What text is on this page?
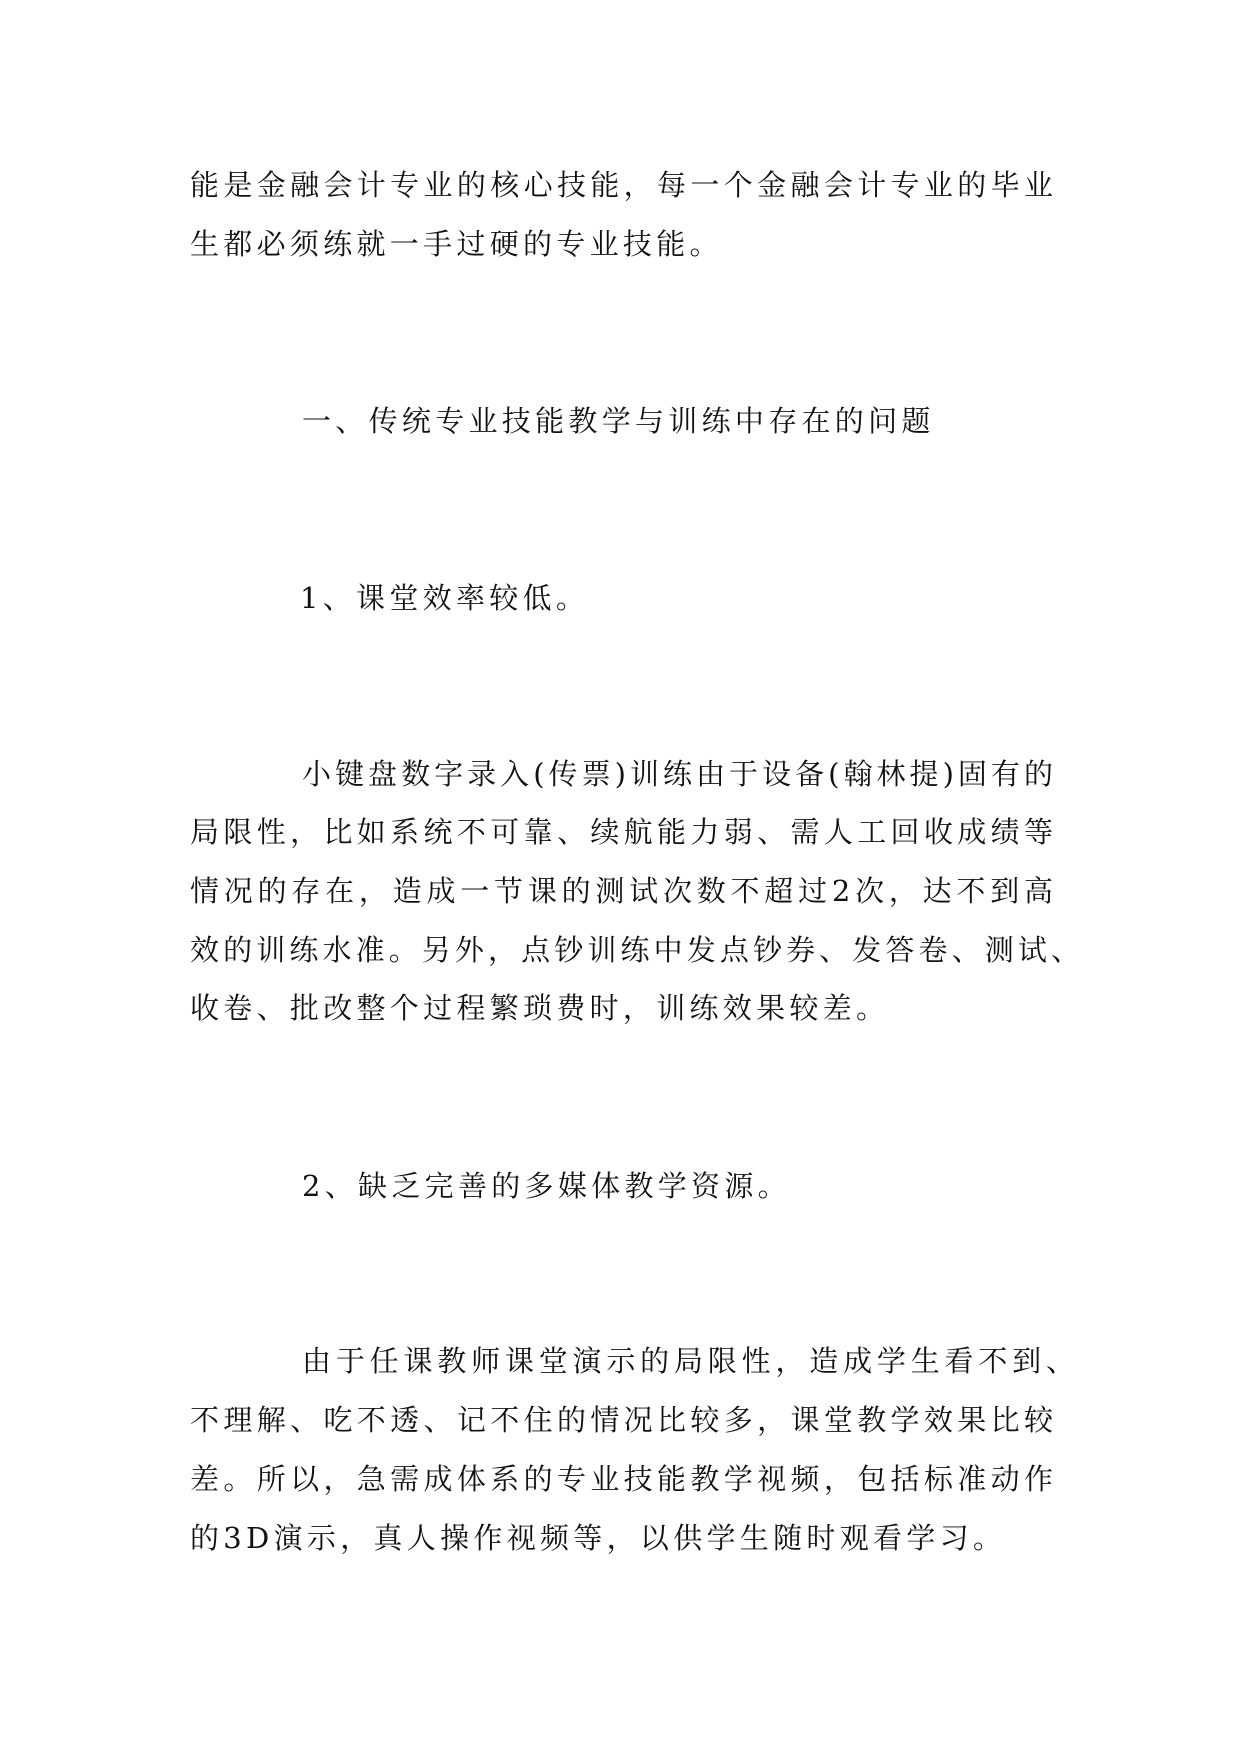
能是金融会计专业的核心技能，每一个金融会计专业的毕业
生都必须练就一手过硬的专业技能。
一、传统专业技能教学与训练中存在的问题
1、课堂效率较低。
小键盘数字录入(传票)训练由于设备(翰林提)固有的
局限性，比如系统不可靠、续航能力弱、需人工回收成绩等
情况的存在，造成一节课的测试次数不超过2次，达不到高
效的训练水准。另外，点钞训练中发点钞券、发答卷、测试、
收卷、批改整个过程繁琐费时，训练效果较差。
2、缺乏完善的多媒体教学资源。
由于任课教师课堂演示的局限性，造成学生看不到、
不理解、吃不透、记不住的情况比较多，课堂教学效果比较
差。所以，急需成体系的专业技能教学视频，包括标准动作
的3D演示，真人操作视频等，以供学生随时观看学习。
